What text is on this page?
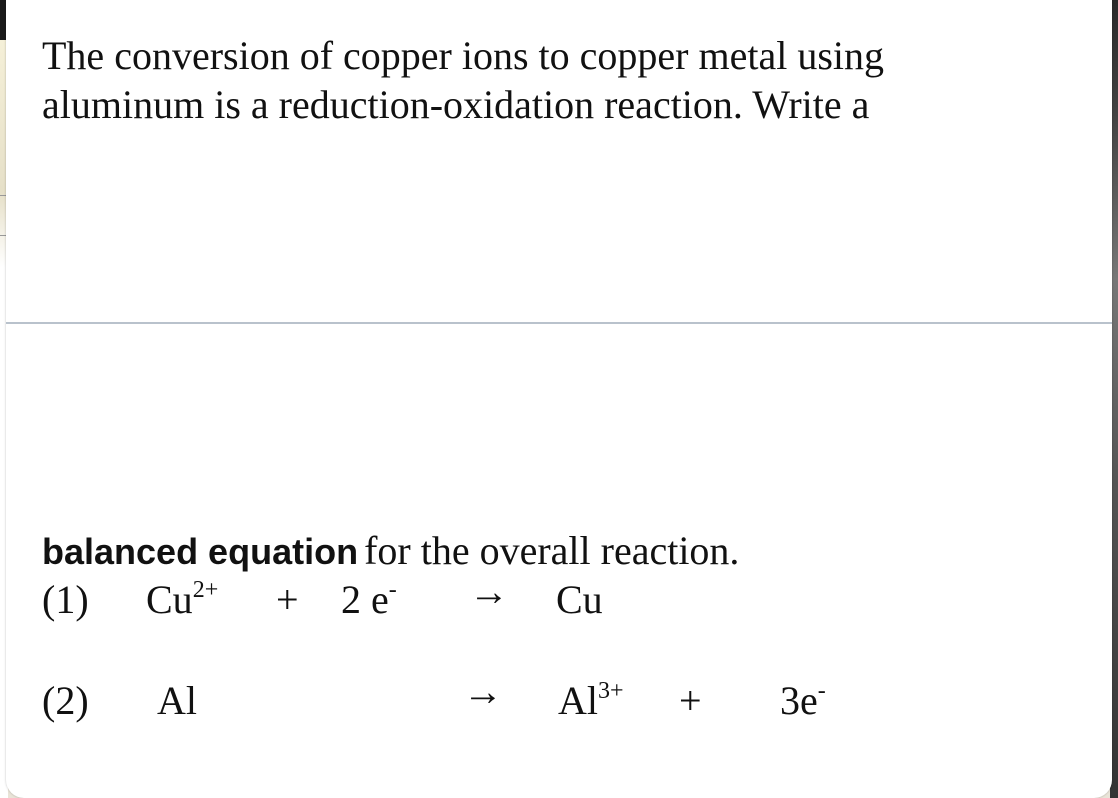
The conversion of copper ions to copper metal using
aluminum is a reduction-oxidation reaction. Write a

balanced equation for the overall reaction.

(1) $Cu^{2+} + 2$ e- → Cu
(2) Al	→ $Al^{3+} + 3e^-$
